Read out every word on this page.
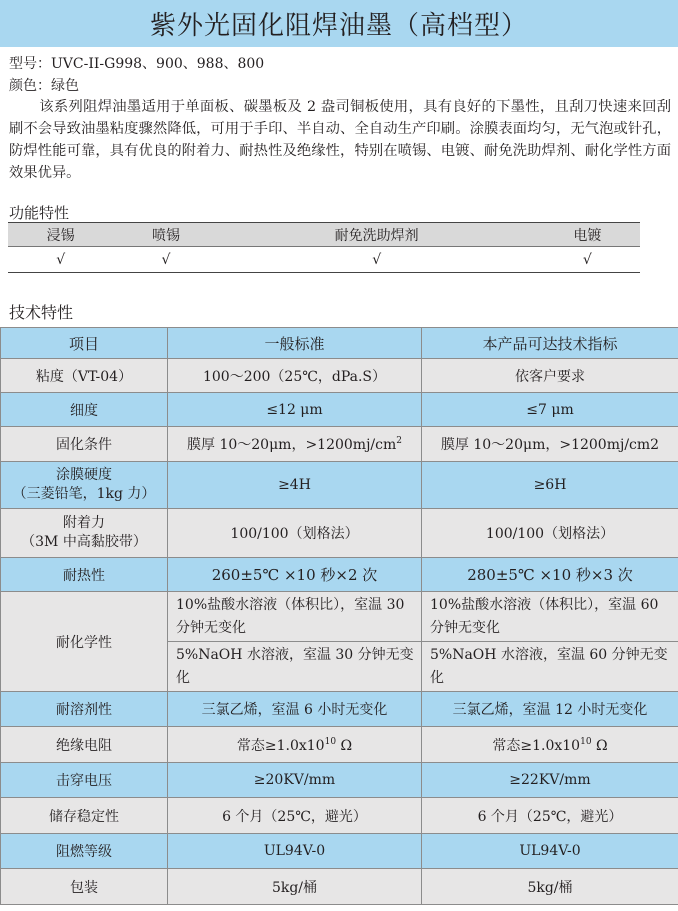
紫外光固化阻焊油墨（高档型）
型号：UVC-II-G998、900、988、800
颜色：绿色
该系列阻焊油墨适用于单面板、碳墨板及 2 盎司铜板使用，具有良好的下墨性，且刮刀快速来回刮刷不会导致油墨粘度骤然降低，可用于手印、半自动、全自动生产印刷。涂膜表面均匀，无气泡或针孔，防焊性能可靠，具有优良的附着力、耐热性及绝缘性，特别在喷锡、电镀、耐免洗助焊剂、耐化学性方面效果优异。
功能特性
浸锡	喷锡	耐免洗助焊剂	电镀
√	√	√	√
技术特性
项目	一般标准	本产品可达技术指标
粘度（VT-04）	100～200（25℃，dPa.S）	依客户要求
细度	≤12 μm	≤7 μm
固化条件	膜厚 10～20μm，$>1200mj/cm^2$	膜厚 10～20μm，>1200mj/cm2
涂膜硬度
（三菱铅笔，1kg 力）	≥4H	≥6H
附着力
（3M 中高黏胶带）	100/100（划格法）	100/100（划格法）
耐热性	260±5℃ ×10 秒×2 次	280±5℃ ×10 秒×3 次
耐化学性	10%盐酸水溶液（体积比），室温 30 分钟无变化	10%盐酸水溶液（体积比），室温 60 分钟无变化
	5%NaOH 水溶液，室温 30 分钟无变化	5%NaOH 水溶液，室温 60 分钟无变化
耐溶剂性	三氯乙烯，室温 6 小时无变化	三氯乙烯，室温 12 小时无变化
绝缘电阻	常态$\ge 1.0x10^{10}$ Ω	常态$\ge 1.0x10^{10}$ Ω
击穿电压	≥20KV/mm	≥22KV/mm
储存稳定性	6 个月（25℃，避光）	6 个月（25℃，避光）
阻燃等级	UL94V-0	UL94V-0
包装	5kg/桶	5kg/桶
